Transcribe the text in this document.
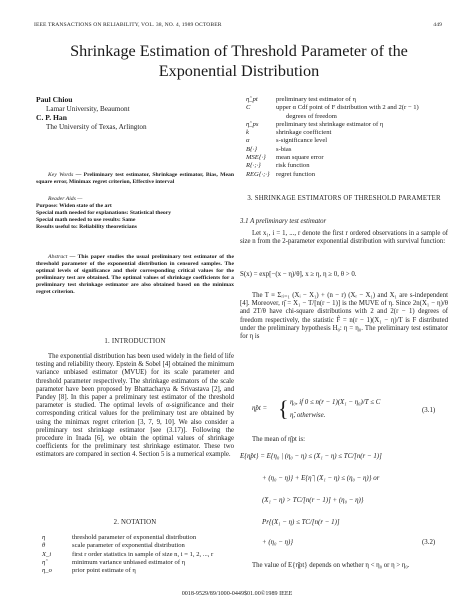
IEEE TRANSACTIONS ON RELIABILITY, VOL. 38, NO. 4, 1989 OCTOBER	449
Shrinkage Estimation of Threshold Parameter of the Exponential Distribution
Paul Chiou
Lamar University, Beaumont
C. P. Han
The University of Texas, Arlington
Key Words — Preliminary test estimator, Shrinkage estimator, Bias, Mean square error, Minimax regret criterion, Effective interval
Reader Aids —
Purpose: Widen state of the art
Special math needed for explanations: Statistical theory
Special math needed to use results: Same
Results useful to: Reliability theoreticians
Abstract — This paper studies the usual preliminary test estimator of the threshold parameter of the exponential distribution in censored samples. The optimal levels of significance and their corresponding critical values for the preliminary test are obtained. The optimal values of shrinkage coefficients for a preliminary test shrinkage estimator are also obtained based on the minimax regret criterion.
1. INTRODUCTION
The exponential distribution has been used widely in the field of life testing and reliability theory. Epstein & Sobel [4] obtained the minimum variance unbiased estimator (MVUE) for its scale parameter and threshold parameter respectively. The shrinkage estimators of the scale parameter have been proposed by Bhattacharya & Srivastava [2], and Pandey [8]. In this paper a preliminary test estimator of the threshold parameter is studied. The optimal levels of α-significance and their corresponding critical values for the preliminary test are obtained by using the minimax regret criterion [3, 7, 9, 10]. We also consider a preliminary test shrinkage estimator [see (3.17)]. Following the procedure in Inada [6], we obtain the optimal values of shrinkage coefficients for the preliminary test shrinkage estimator. These two estimators are compared in section 4. Section 5 is a numerical example.
2. NOTATION
η	threshold parameter of exponential distribution
θ	scale parameter of exponential distribution
X_i	first r order statistics in sample of size n, i = 1, 2, ..., r
η̂	minimum variance unbiased estimator of η
η_o	prior point estimate of η
η̂_pt	preliminary test estimator of η
C	upper α Cdf point of F distribution with 2 and 2(r − 1)
degrees of freedom
η̂_ps	preliminary test shrinkage estimator of η
k	shrinkage coefficient
α	s-significance level
B{·}	s-bias
MSE{·}	mean square error
R{·;·}	risk function
REG{·;·} regret function
3. SHRINKAGE ESTIMATORS OF THRESHOLD PARAMETER
3.1 A preliminary test estimator
Let x₁, i = 1, ..., r denote the first r ordered observations in a sample of size n from the 2-parameter exponential distribution with survival function:
S(x) = exp[−(x − η)/θ], x ≥ η, η ≥ 0, θ > 0.
The T ≡ Σᵣᵢ₌₁ (Xᵢ − X₁) + (n − r) (Xᵣ − X₁) and X₁ are s-independent [4]. Moreover, η̂ = X₁ − T/[n(r − 1)] is the MUVE of η. Since 2n(X₁ − η)/θ and 2T/θ have chi-square distributions with 2 and 2(r − 1) degrees of freedom respectively, the statistic F̂ = n(r − 1)(X₁ − η)/T is F distributed under the preliminary hypothesis H₀: η = η₀. The preliminary test estimator for η is
η̂pt = { η₀, if 0 ≤ n(r − 1)(X₁ − η₀)/T ≤ C
η̂, otherwise.
(3.1)
The mean of η̂pt is:
E{η̂pt} = E{η₀ | (η₀ − η) ≤ (X₁ − η) ≤ TC/[n(r − 1)]
+ (η₀ − η)} + E{η̂ | (X₁ − η) ≤ (η₀ − η)} or
(X₁ − η) > TC/[n(r − 1)] + (η₀ − η)}
Pr{(X₁ − η) ≤ TC/[n(r − 1)]
+ (η₀ − η)}	(3.2)
The value of E{η̂pt} depends on whether η < η₀ or η > η₀.
0018-9529/89/1000-0449$01.00©1989 IEEE
